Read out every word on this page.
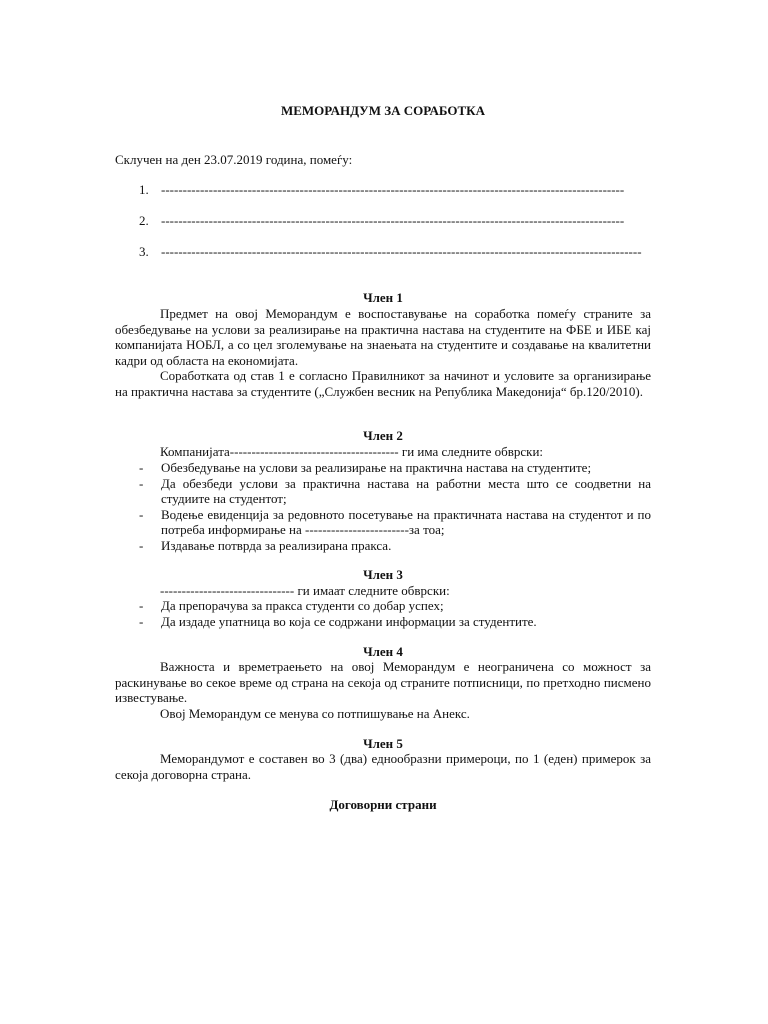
МЕМОРАНДУМ ЗА СОРАБОТКА
Склучен на ден 23.07.2019 година, помеѓу:
1. -----------------------------------------------------------------------------------------------------------
2. -----------------------------------------------------------------------------------------------------------
3. ---------------------------------------------------------------------------------------------------------------
Член 1
Предмет на овој Меморандум е воспоставување на соработка помеѓу страните за обезбедување на услови за реализирање на практична настава на студентите на ФБЕ и ИБЕ кај компанијата НОБЛ, а со цел зголемување на знаењата на студентите и создавање на квалитетни кадри од областа на економијата.
Соработката од став 1 е согласно Правилникот за начинот и условите за организирање на практична настава за студентите („Службен весник на Република Македонија“ бр.120/2010).
Член 2
Компанијата--------------------------------------- ги има следните обврски:
- Обезбедување на услови за реализирање на практична настава на студентите;
- Да обезбеди услови за практична настава на работни места што се соодветни на студиите на студентот;
- Водење евиденција за редовното посетување на практичната настава на студентот и по потреба информирање на ------------------------за тоа;
- Издавање потврда за реализирана пракса.
Член 3
------------------------------- ги имаат следните обврски:
- Да препорачува за пракса студенти со добар успех;
- Да издаде упатница во која се содржани информации за студентите.
Член 4
Важноста и времетраењето на овој Меморандум е неограничена со можност за раскинување во секое време од страна на секоја од страните потписници, по претходно писмено известување.
Овој Меморандум се менува со потпишување на Анекс.
Член 5
Меморандумот е составен во 3 (два) еднообразни примероци, по 1 (еден) примерок за секоја договорна страна.
Договорни страни
